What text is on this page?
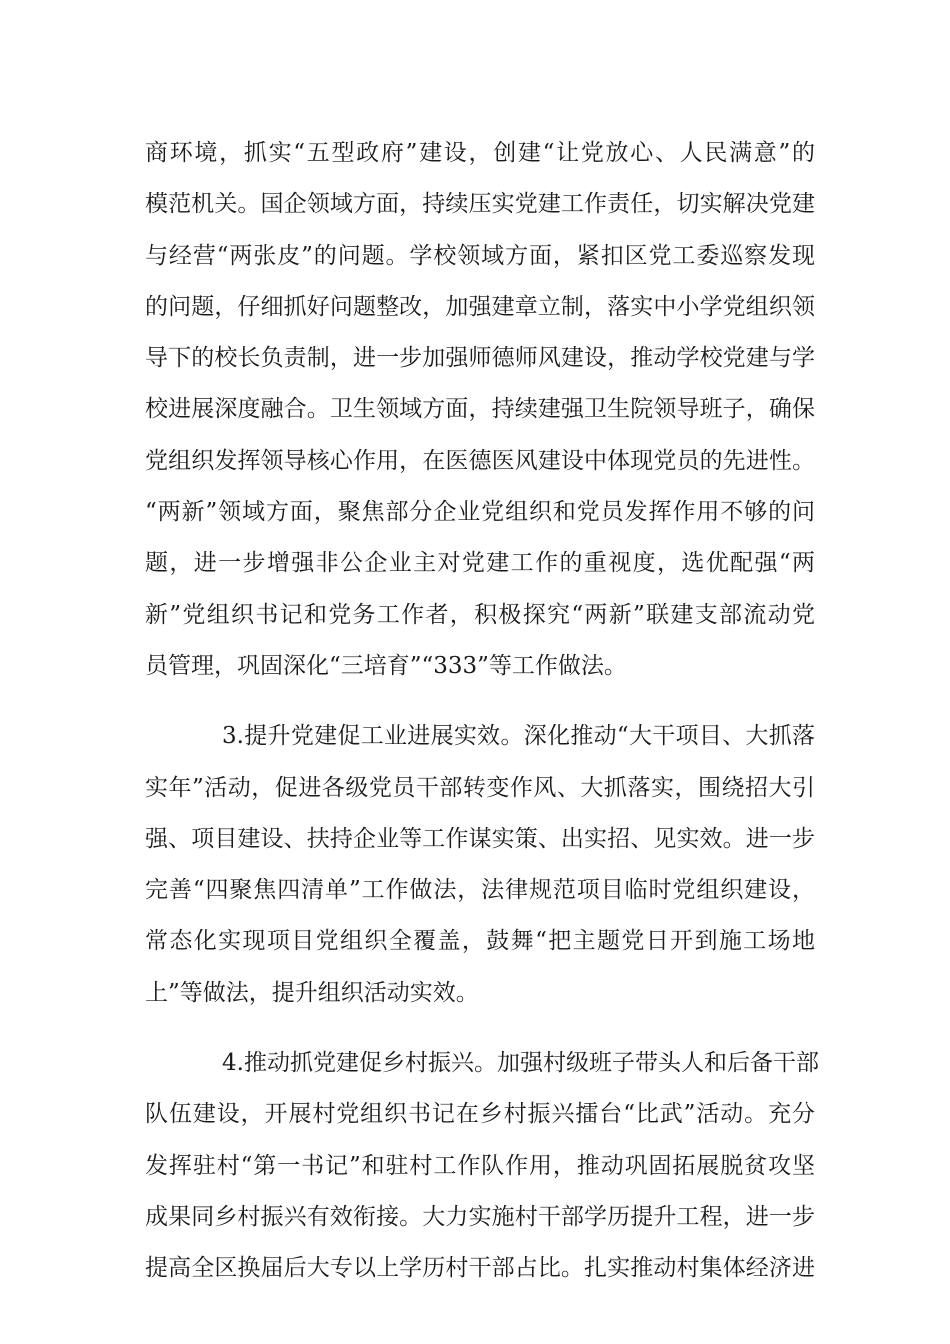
商环境，抓实“五型政府”建设，创建“让党放心、人民满意”的
模范机关。国企领域方面，持续压实党建工作责任，切实解决党建
与经营“两张皮”的问题。学校领域方面，紧扣区党工委巡察发现
的问题，仔细抓好问题整改，加强建章立制，落实中小学党组织领
导下的校长负责制，进一步加强师德师风建设，推动学校党建与学
校进展深度融合。卫生领域方面，持续建强卫生院领导班子，确保
党组织发挥领导核心作用，在医德医风建设中体现党员的先进性。
“两新”领域方面，聚焦部分企业党组织和党员发挥作用不够的问
题，进一步增强非公企业主对党建工作的重视度，选优配强“两
新”党组织书记和党务工作者，积极探究“两新”联建支部流动党
员管理，巩固深化“三培育”“333”等工作做法。
3.提升党建促工业进展实效。深化推动“大干项目、大抓落
实年”活动，促进各级党员干部转变作风、大抓落实，围绕招大引
强、项目建设、扶持企业等工作谋实策、出实招、见实效。进一步
完善“四聚焦四清单”工作做法，法律规范项目临时党组织建设，
常态化实现项目党组织全覆盖，鼓舞“把主题党日开到施工场地
上”等做法，提升组织活动实效。
4.推动抓党建促乡村振兴。加强村级班子带头人和后备干部
队伍建设，开展村党组织书记在乡村振兴擂台“比武”活动。充分
发挥驻村“第一书记”和驻村工作队作用，推动巩固拓展脱贫攻坚
成果同乡村振兴有效衔接。大力实施村干部学历提升工程，进一步
提高全区换届后大专以上学历村干部占比。扎实推动村集体经济进
